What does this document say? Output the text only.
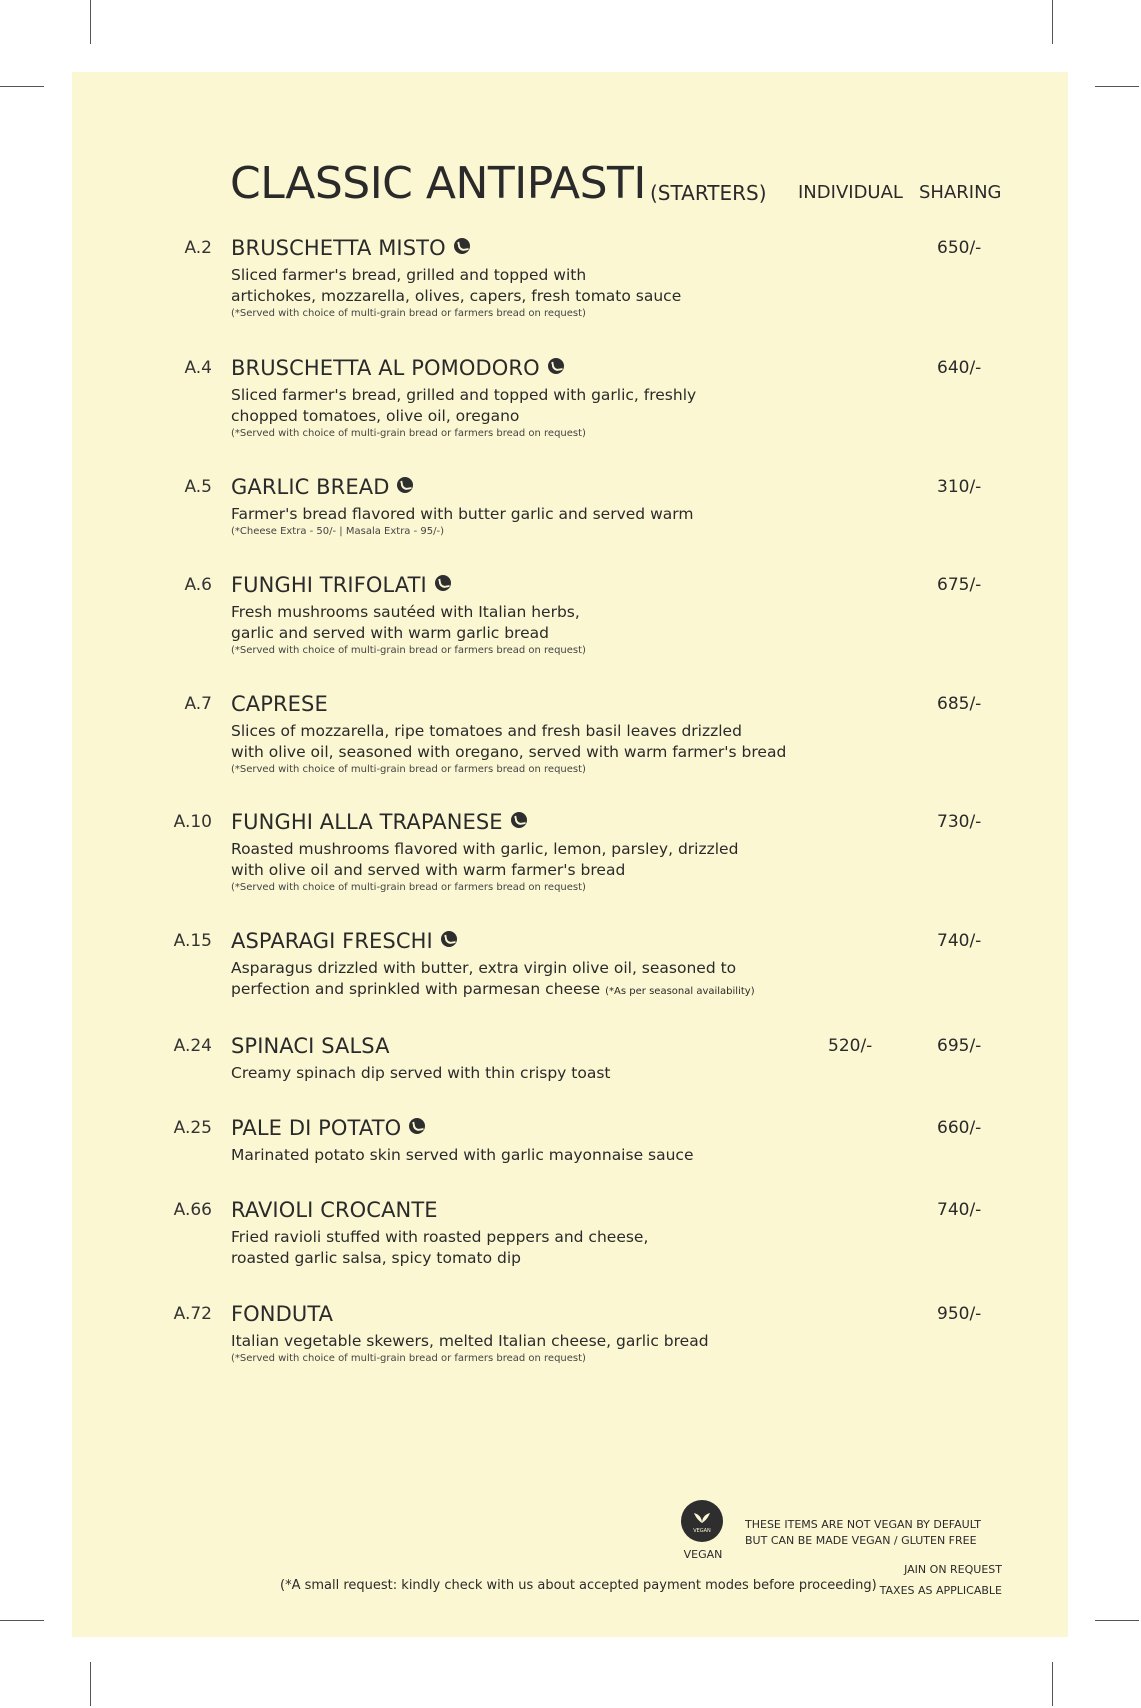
CLASSIC ANTIPASTI (STARTERS) INDIVIDUAL SHARING
A.2 BRUSCHETTA MISTO
Sliced farmer's bread, grilled and topped with
artichokes, mozzarella, olives, capers, fresh tomato sauce
(*Served with choice of multi-grain bread or farmers bread on request)
650/-
A.4 BRUSCHETTA AL POMODORO
Sliced farmer's bread, grilled and topped with garlic, freshly
chopped tomatoes, olive oil, oregano
(*Served with choice of multi-grain bread or farmers bread on request)
640/-
A.5 GARLIC BREAD
Farmer's bread flavored with butter garlic and served warm
(*Cheese Extra - 50/- | Masala Extra - 95/-)
310/-
A.6 FUNGHI TRIFOLATI
Fresh mushrooms sautéed with Italian herbs,
garlic and served with warm garlic bread
(*Served with choice of multi-grain bread or farmers bread on request)
675/-
A.7 CAPRESE
Slices of mozzarella, ripe tomatoes and fresh basil leaves drizzled
with olive oil, seasoned with oregano, served with warm farmer's bread
(*Served with choice of multi-grain bread or farmers bread on request)
685/-
A.10 FUNGHI ALLA TRAPANESE
Roasted mushrooms flavored with garlic, lemon, parsley, drizzled
with olive oil and served with warm farmer's bread
(*Served with choice of multi-grain bread or farmers bread on request)
730/-
A.15 ASPARAGI FRESCHI
Asparagus drizzled with butter, extra virgin olive oil, seasoned to
perfection and sprinkled with parmesan cheese (*As per seasonal availability)
740/-
A.24 SPINACI SALSA
Creamy spinach dip served with thin crispy toast
520/-	695/-
A.25 PALE DI POTATO
Marinated potato skin served with garlic mayonnaise sauce
660/-
A.66 RAVIOLI CROCANTE
Fried ravioli stuffed with roasted peppers and cheese,
roasted garlic salsa, spicy tomato dip
740/-
A.72 FONDUTA
Italian vegetable skewers, melted Italian cheese, garlic bread
(*Served with choice of multi-grain bread or farmers bread on request)
950/-
VEGAN
VEGAN
THESE ITEMS ARE NOT VEGAN BY DEFAULT
BUT CAN BE MADE VEGAN / GLUTEN FREE
JAIN ON REQUEST
TAXES AS APPLICABLE
(*A small request: kindly check with us about accepted payment modes before proceeding)
